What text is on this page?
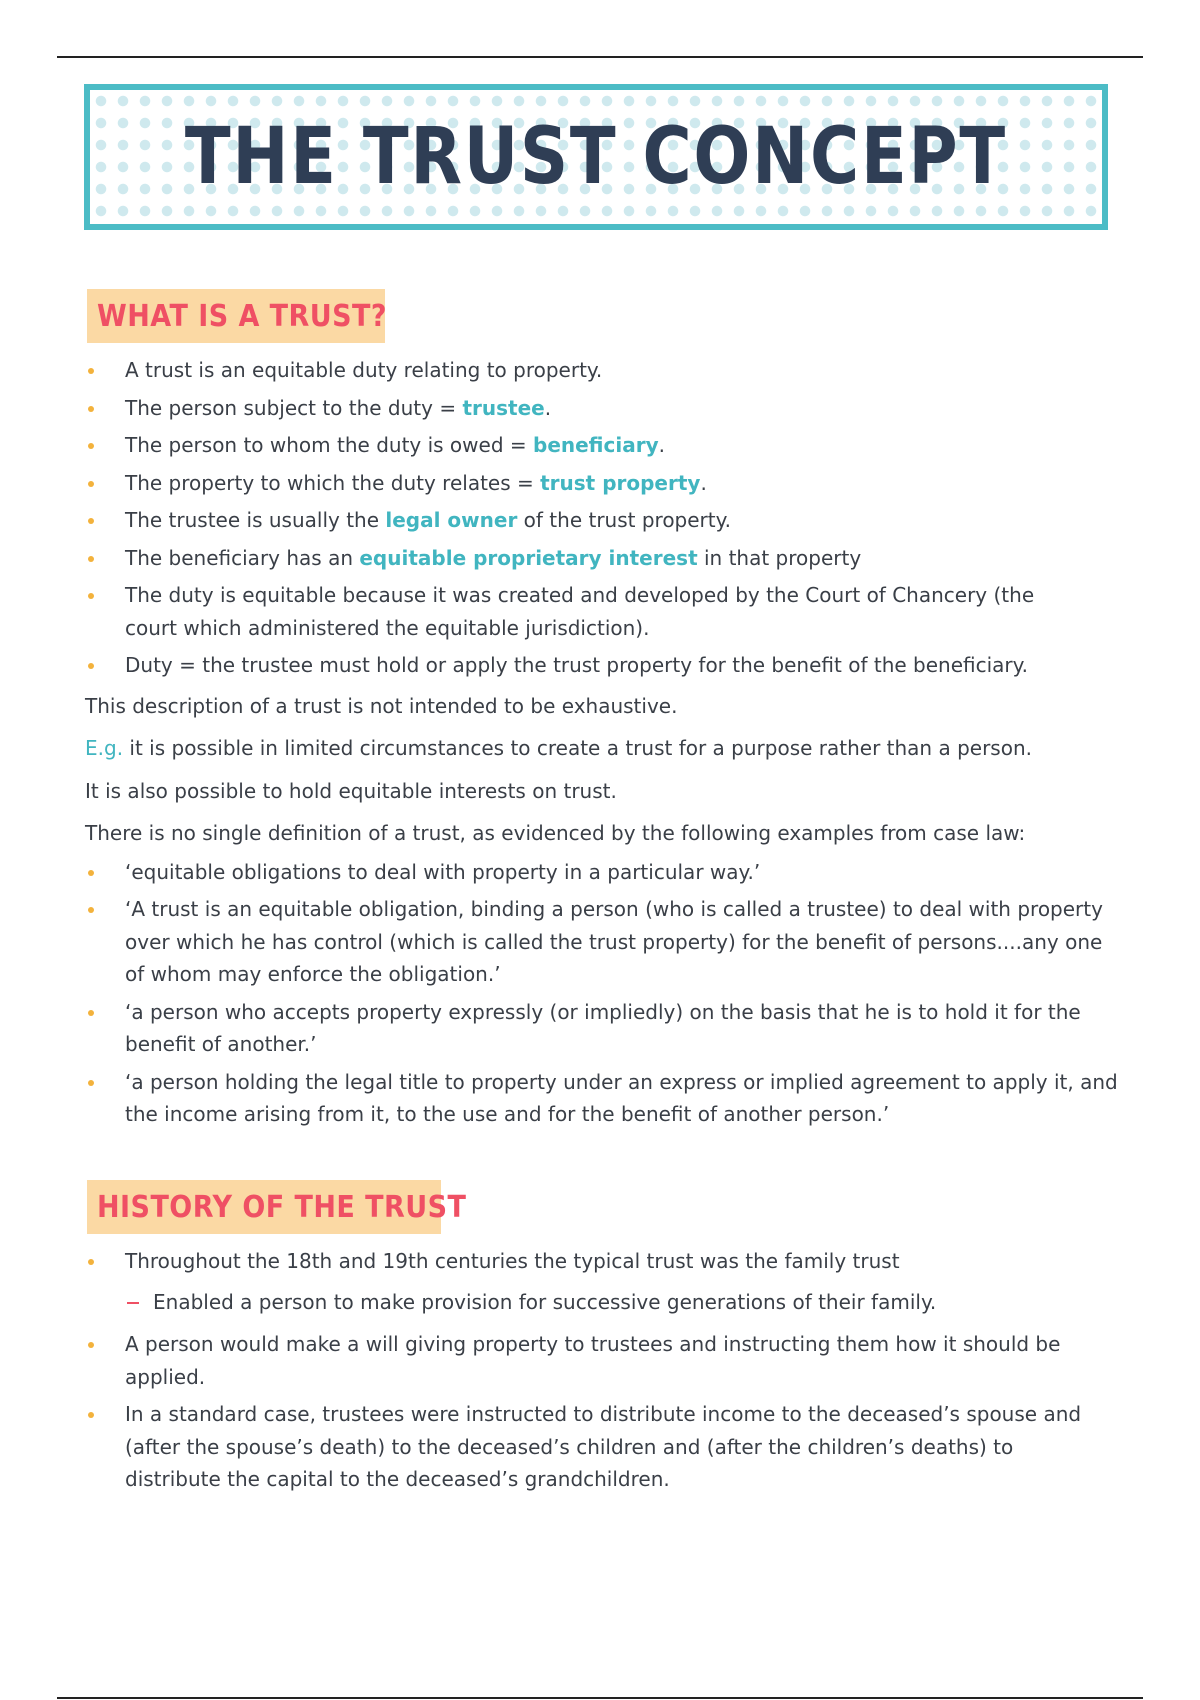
THE TRUST CONCEPT
WHAT IS A TRUST?
A trust is an equitable duty relating to property.
The person subject to the duty = trustee.
The person to whom the duty is owed = beneficiary.
The property to which the duty relates = trust property.
The trustee is usually the legal owner of the trust property.
The beneficiary has an equitable proprietary interest in that property
The duty is equitable because it was created and developed by the Court of Chancery (the court which administered the equitable jurisdiction).
Duty = the trustee must hold or apply the trust property for the benefit of the beneficiary.
This description of a trust is not intended to be exhaustive.
E.g. it is possible in limited circumstances to create a trust for a purpose rather than a person.
It is also possible to hold equitable interests on trust.
There is no single definition of a trust, as evidenced by the following examples from case law:
‘equitable obligations to deal with property in a particular way.’
‘A trust is an equitable obligation, binding a person (who is called a trustee) to deal with property over which he has control (which is called the trust property) for the benefit of persons....any one of whom may enforce the obligation.’
‘a person who accepts property expressly (or impliedly) on the basis that he is to hold it for the benefit of another.’
‘a person holding the legal title to property under an express or implied agreement to apply it, and the income arising from it, to the use and for the benefit of another person.’
HISTORY OF THE TRUST
Throughout the 18th and 19th centuries the typical trust was the family trust
Enabled a person to make provision for successive generations of their family.
A person would make a will giving property to trustees and instructing them how it should be applied.
In a standard case, trustees were instructed to distribute income to the deceased’s spouse and (after the spouse’s death) to the deceased’s children and (after the children’s deaths) to distribute the capital to the deceased’s grandchildren.
